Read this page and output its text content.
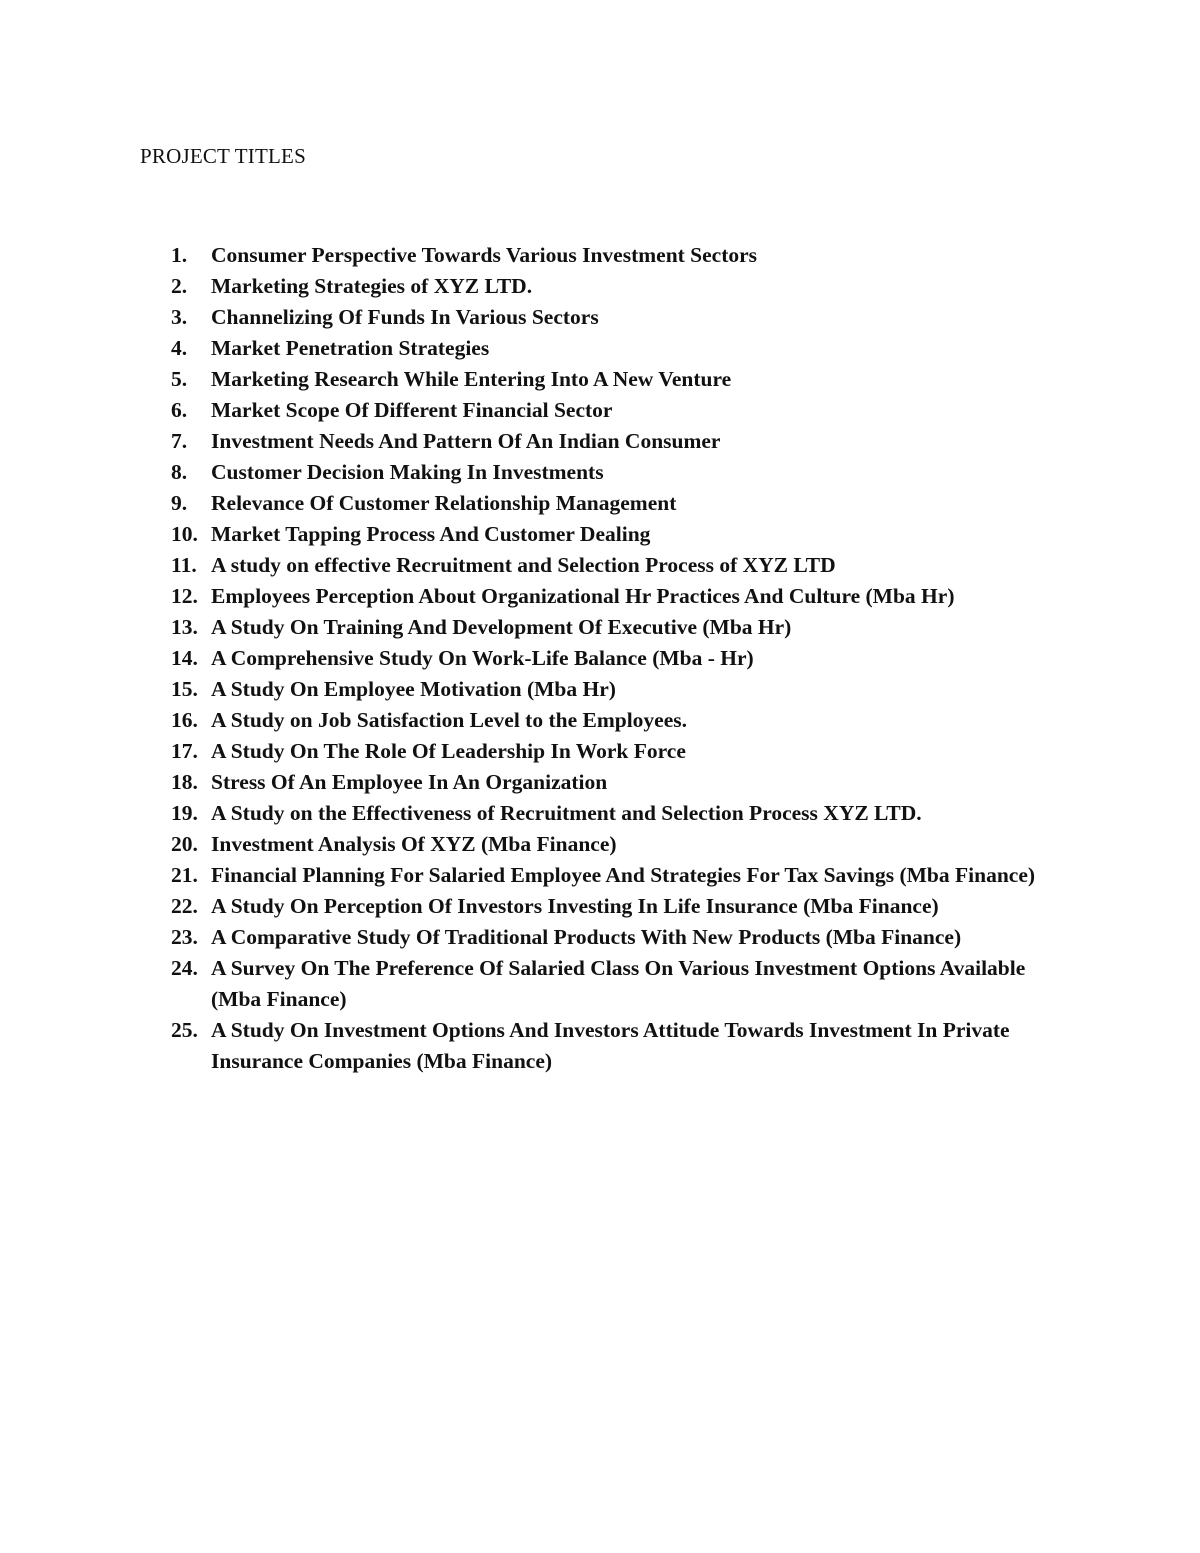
PROJECT TITLES
1.	Consumer Perspective Towards Various Investment Sectors
2.	Marketing Strategies of XYZ LTD.
3.	Channelizing Of Funds In Various Sectors
4.	Market Penetration Strategies
5.	Marketing Research While Entering Into A New Venture
6.	Market Scope Of Different Financial Sector
7.	Investment Needs And Pattern Of An Indian Consumer
8.	Customer Decision Making In Investments
9.	Relevance Of Customer Relationship Management
10. Market Tapping Process And Customer Dealing
11. A study on effective Recruitment and Selection Process of XYZ LTD
12. Employees Perception About Organizational Hr Practices And Culture (Mba Hr)
13. A Study On Training And Development Of Executive (Mba Hr)
14. A Comprehensive Study On Work-Life Balance (Mba - Hr)
15. A Study On Employee Motivation (Mba Hr)
16. A Study on Job Satisfaction Level to the Employees.
17. A Study On The Role Of Leadership In Work Force
18. Stress Of An Employee In An Organization
19. A Study on the Effectiveness of Recruitment and Selection Process XYZ LTD.
20. Investment Analysis Of XYZ (Mba Finance)
21. Financial Planning For Salaried Employee And Strategies For Tax Savings (Mba Finance)
22. A Study On Perception Of Investors Investing In Life Insurance (Mba Finance)
23. A Comparative Study Of Traditional Products With New Products (Mba Finance)
24. A Survey On The Preference Of Salaried Class On Various Investment Options Available (Mba Finance)
25. A Study On Investment Options And Investors Attitude Towards Investment In Private Insurance Companies (Mba Finance)
